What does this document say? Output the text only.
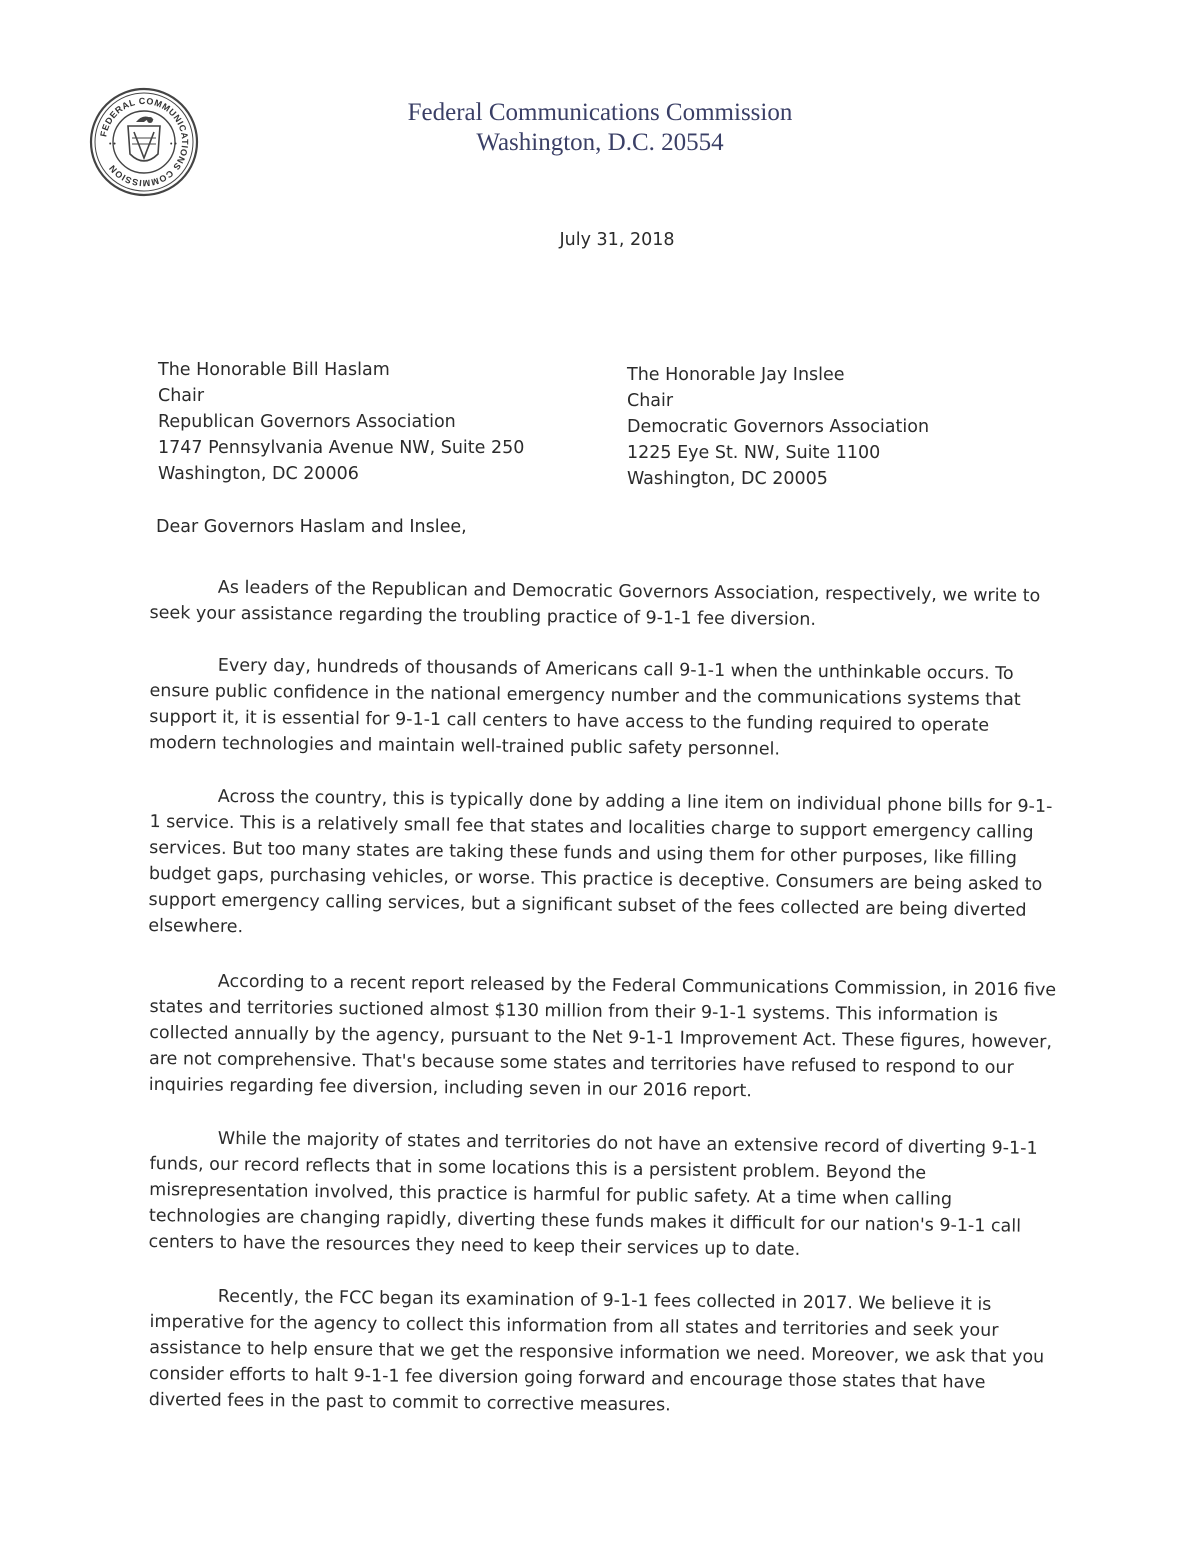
FEDERAL COMMUNICATIONS COMMISSION
• •	• •
Federal Communications Commission
Washington, D.C. 20554
July 31, 2018
The Honorable Bill Haslam
Chair
Republican Governors Association
1747 Pennsylvania Avenue NW, Suite 250
Washington, DC 20006
The Honorable Jay Inslee
Chair
Democratic Governors Association
1225 Eye St. NW, Suite 1100
Washington, DC 20005
Dear Governors Haslam and Inslee,

As leaders of the Republican and Democratic Governors Association, respectively, we write to seek your assistance regarding the troubling practice of 9-1-1 fee diversion.

Every day, hundreds of thousands of Americans call 9-1-1 when the unthinkable occurs. To ensure public confidence in the national emergency number and the communications systems that support it, it is essential for 9-1-1 call centers to have access to the funding required to operate modern technologies and maintain well-trained public safety personnel.

Across the country, this is typically done by adding a line item on individual phone bills for 9-1-1 service. This is a relatively small fee that states and localities charge to support emergency calling services. But too many states are taking these funds and using them for other purposes, like filling budget gaps, purchasing vehicles, or worse. This practice is deceptive. Consumers are being asked to support emergency calling services, but a significant subset of the fees collected are being diverted elsewhere.

According to a recent report released by the Federal Communications Commission, in 2016 five states and territories suctioned almost $130 million from their 9-1-1 systems. This information is collected annually by the agency, pursuant to the Net 9-1-1 Improvement Act. These figures, however, are not comprehensive. That's because some states and territories have refused to respond to our inquiries regarding fee diversion, including seven in our 2016 report.

While the majority of states and territories do not have an extensive record of diverting 9-1-1 funds, our record reflects that in some locations this is a persistent problem. Beyond the misrepresentation involved, this practice is harmful for public safety. At a time when calling technologies are changing rapidly, diverting these funds makes it difficult for our nation's 9-1-1 call centers to have the resources they need to keep their services up to date.

Recently, the FCC began its examination of 9-1-1 fees collected in 2017. We believe it is imperative for the agency to collect this information from all states and territories and seek your assistance to help ensure that we get the responsive information we need. Moreover, we ask that you consider efforts to halt 9-1-1 fee diversion going forward and encourage those states that have diverted fees in the past to commit to corrective measures.
